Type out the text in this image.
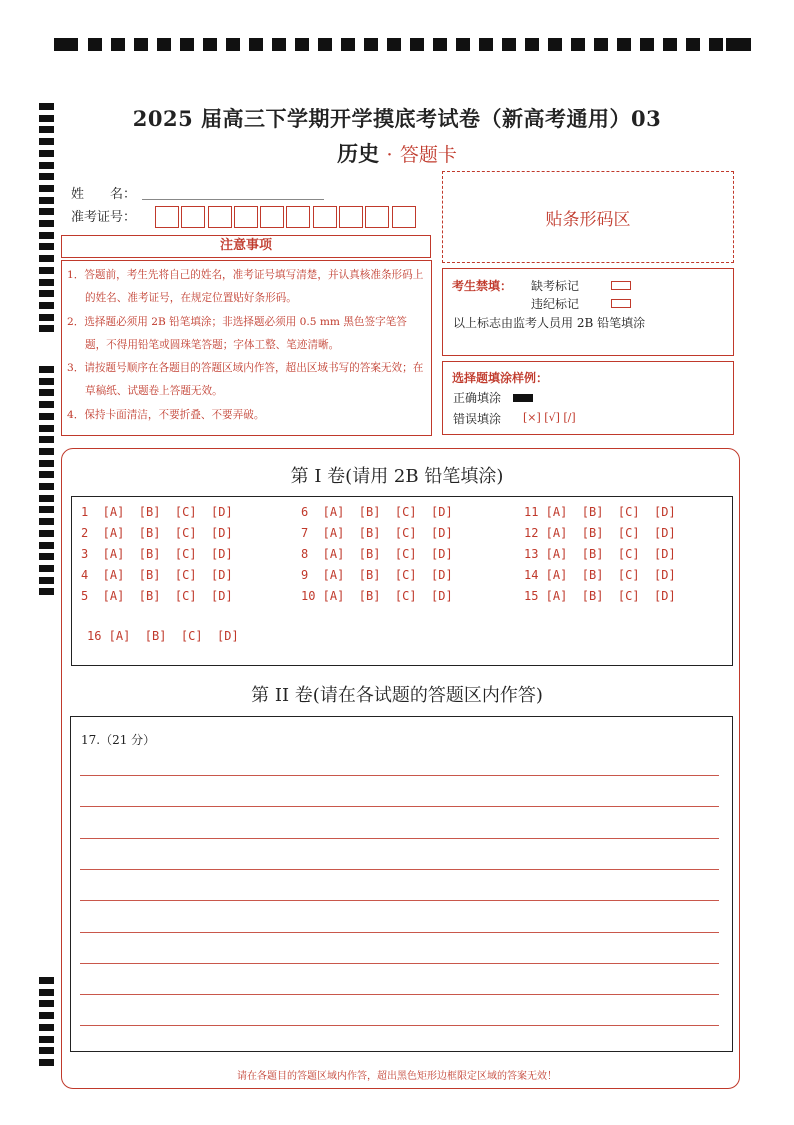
2025 届高三下学期开学摸底考试卷（新高考通用）03
历史 · 答题卡
姓　　名：
准考证号：	贴条形码区
注意事项
1．答题前，考生先将自己的姓名，准考证号填写清楚，并认真核准条形码上的姓名、准考证号，在规定位置贴好条形码。
2．选择题必须用 2B 铅笔填涂；非选择题必须用 0.5 mm 黑色签字笔答题，不得用铅笔或圆珠笔答题；字体工整、笔迹清晰。
3．请按题号顺序在各题目的答题区域内作答，超出区域书写的答案无效；在草稿纸、试题卷上答题无效。
4．保持卡面清洁，不要折叠、不要弄破。
考生禁填： 缺考标记
违纪标记
以上标志由监考人员用 2B 铅笔填涂
选择题填涂样例：
正确填涂
错误填涂 [×] [√] [/]
第 I 卷(请用 2B 铅笔填涂)
1  [A]  [B]  [C]  [D]
2  [A]  [B]  [C]  [D]
3  [A]  [B]  [C]  [D]
4  [A]  [B]  [C]  [D]
5  [A]  [B]  [C]  [D]
6  [A]  [B]  [C]  [D]
7  [A]  [B]  [C]  [D]
8  [A]  [B]  [C]  [D]
9  [A]  [B]  [C]  [D]
10 [A]  [B]  [C]  [D]
11 [A]  [B]  [C]  [D]
12 [A]  [B]  [C]  [D]
13 [A]  [B]  [C]  [D]
14 [A]  [B]  [C]  [D]
15 [A]  [B]  [C]  [D]
16 [A]  [B]  [C]  [D]
第 II 卷(请在各试题的答题区内作答)
17.（21 分）
请在各题目的答题区域内作答，超出黑色矩形边框限定区域的答案无效！
